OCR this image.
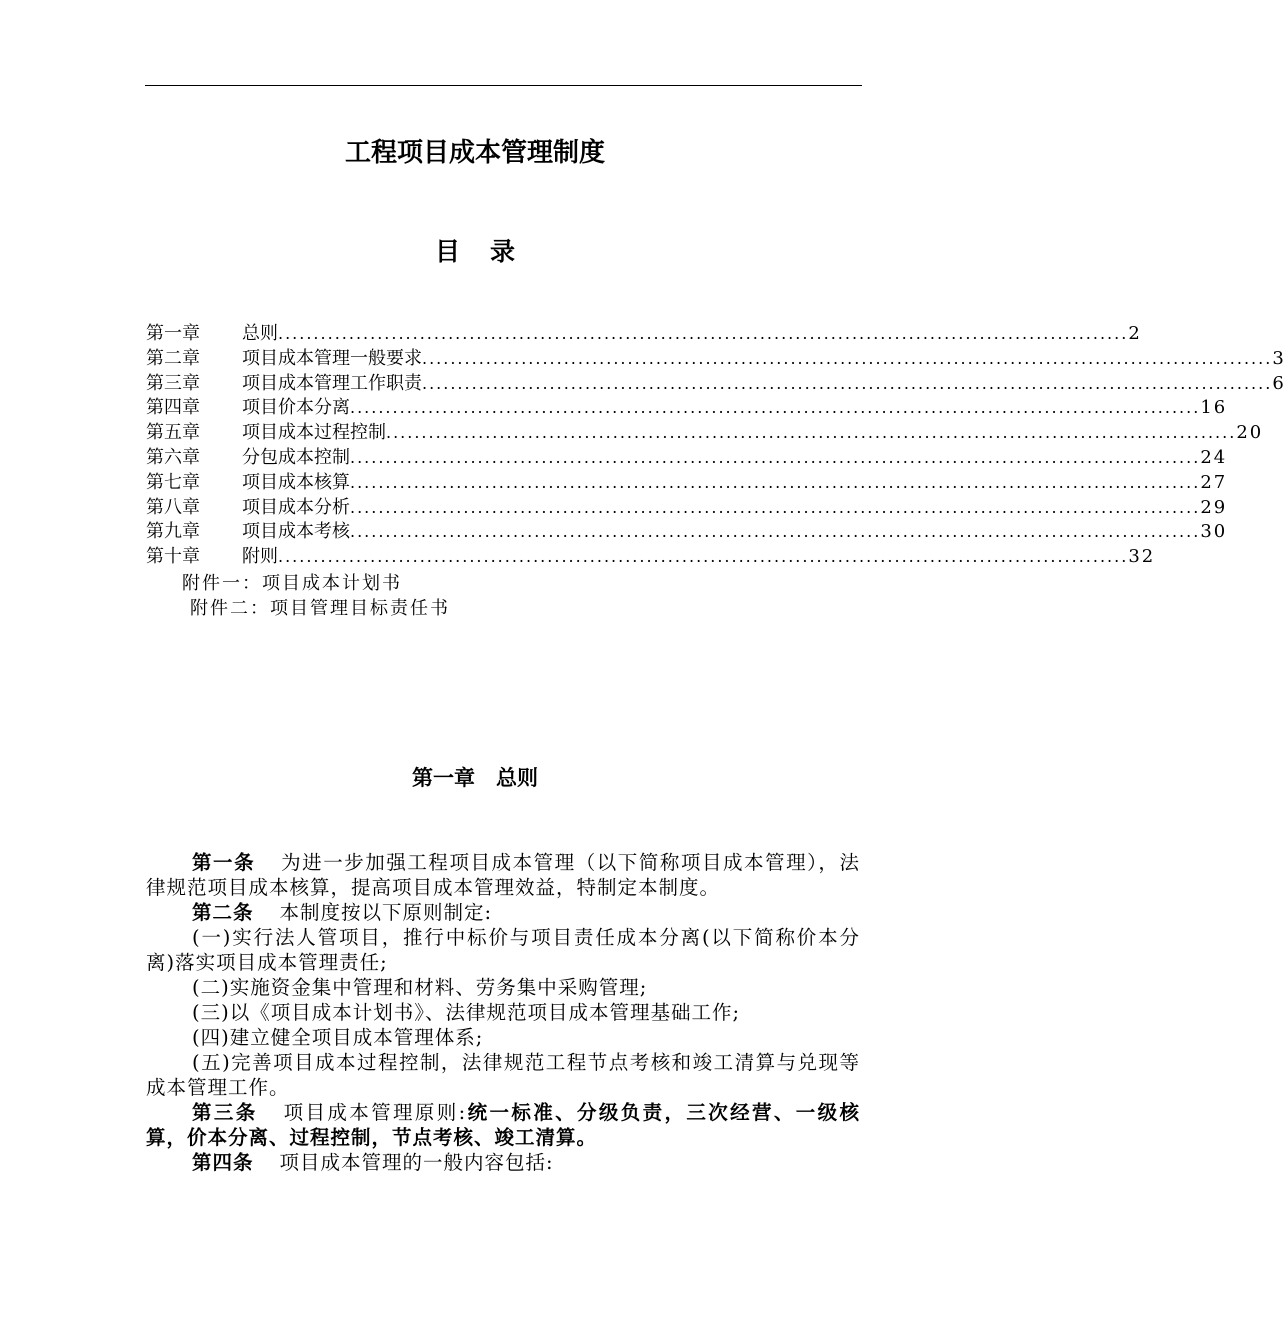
工程项目成本管理制度
目录
第一章	总则 ........................................................................................................................ 2
第二章	项目成本管理一般要求 ........................................................................................................................ 3
第三章	项目成本管理工作职责 ........................................................................................................................ 6
第四章	项目价本分离 ........................................................................................................................ 16
第五章	项目成本过程控制 ........................................................................................................................ 20
第六章	分包成本控制 ........................................................................................................................ 24
第七章	项目成本核算 ........................................................................................................................ 27
第八章	项目成本分析 ........................................................................................................................ 29
第九章	项目成本考核 ........................................................................................................................ 30
第十章	附则 ........................................................................................................................ 32
附件一：项目成本计划书
附件二：项目管理目标责任书
第一章　总则

第一条 为进一步加强工程项目成本管理（以下简称项目成本管理），法律规范项目成本核算，提高项目成本管理效益，特制定本制度。

第二条 本制度按以下原则制定:

(一)实行法人管项目，推行中标价与项目责任成本分离(以下简称价本分离)落实项目成本管理责任;

(二)实施资金集中管理和材料、劳务集中采购管理;

(三)以《项目成本计划书》、法律规范项目成本管理基础工作;

(四)建立健全项目成本管理体系;

(五)完善项目成本过程控制，法律规范工程节点考核和竣工清算与兑现等成本管理工作。

第三条 项目成本管理原则:统一标准、分级负责，三次经营、一级核算，价本分离、过程控制，节点考核、竣工清算。

第四条 项目成本管理的一般内容包括:
